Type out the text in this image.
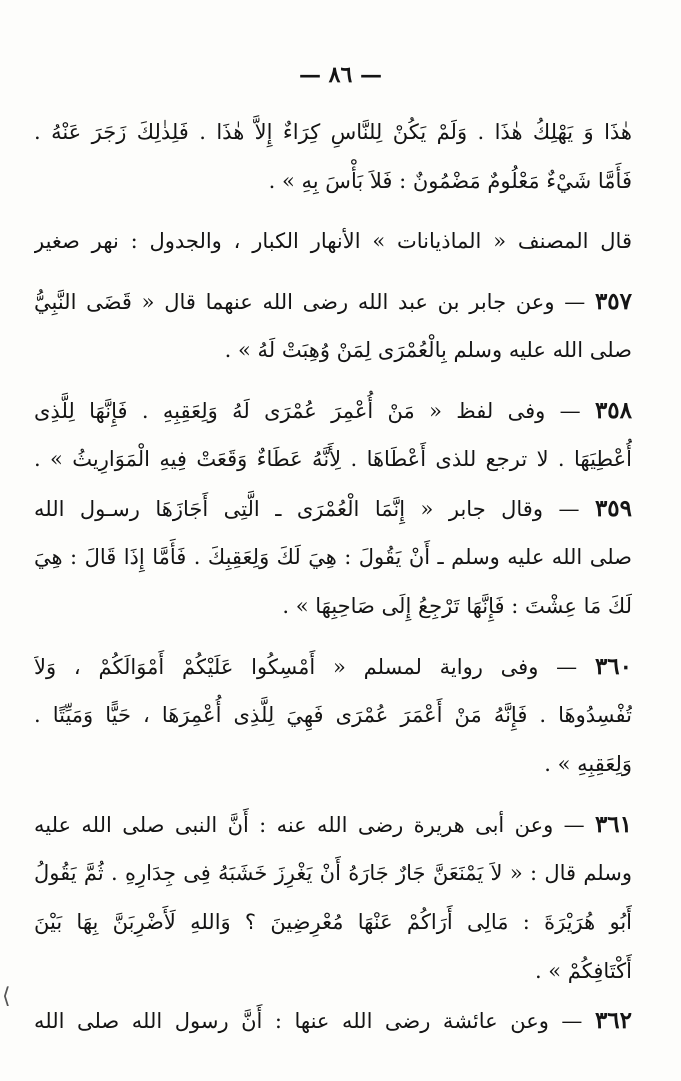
— ٨٦ —
هٰذَا وَ يَهْلِكُ هٰذَا . وَلَمْ يَكُنْ لِلنَّاسِ كِرَاءٌ إِلاَّ هٰذَا . فَلِذٰلِكَ زَجَرَ عَنْهُ .
فَأَمَّا شَيْءٌ مَعْلُومٌ مَضْمُونٌ : فَلاَ بَأْسَ بِهِ » .
قال المصنف « الماذيانات » الأنهار الكبار ، والجدول : نهر صغير
٣٥٧ — وعن جابر بن عبد الله رضى الله عنهما قال « قَضَى النَّبِيُّ
صلى الله عليه وسلم بِالْعُمْرَى لِمَنْ وُهِبَتْ لَهُ » .
٣٥٨ — وفى لفظ « مَنْ أُعْمِرَ عُمْرَى لَهُ وَلِعَقِبِهِ . فَإِنَّهَا لِلَّذِى
أُعْطِيَهَا . لا ترجع للذى أَعْطَاهَا . لِأَنَّهُ عَطَاءٌ وَقَعَتْ فِيهِ الْمَوَارِيثُ » .
٣٥٩ — وقال جابر « إِنَّمَا الْعُمْرَى ـ الَّتِى أَجَازَهَا رسـول الله
صلى الله عليه وسلم ـ أَنْ يَقُولَ : هِيَ لَكَ وَلِعَقِبِكَ . فَأَمَّا إِذَا قَالَ : هِيَ
لَكَ مَا عِشْتَ : فَإِنَّهَا تَرْجِعُ إِلَى صَاحِبِهَا » .
٣٦٠ — وفى رواية لمسلم « أَمْسِكُوا عَلَيْكُمْ أَمْوَالَكُمْ ، وَلاَ
تُفْسِدُوهَا . فَإِنَّهُ مَنْ أَعْمَرَ عُمْرَى فَهِيَ لِلَّذِى أُعْمِرَهَا ، حَيًّا وَمَيِّتًا .
وَلِعَقِبِهِ » .
٣٦١ — وعن أبى هريرة رضى الله عنه : أَنَّ النبى صلى الله عليه
وسلم قال : « لاَ يَمْنَعَنَّ جَارٌ جَارَهُ أَنْ يَغْرِزَ خَشَبَهُ فِى جِدَارِهِ . ثُمَّ يَقُولُ
أَبُو هُرَيْرَةَ : مَالِى أَرَاكُمْ عَنْهَا مُعْرِضِينَ ؟ وَاللهِ لَأَضْرِبَنَّ بِهَا بَيْنَ
أَكْتَافِكُمْ » .
٣٦٢ — وعن عائشة رضى الله عنها : أَنَّ رسول الله صلى الله
⟨
